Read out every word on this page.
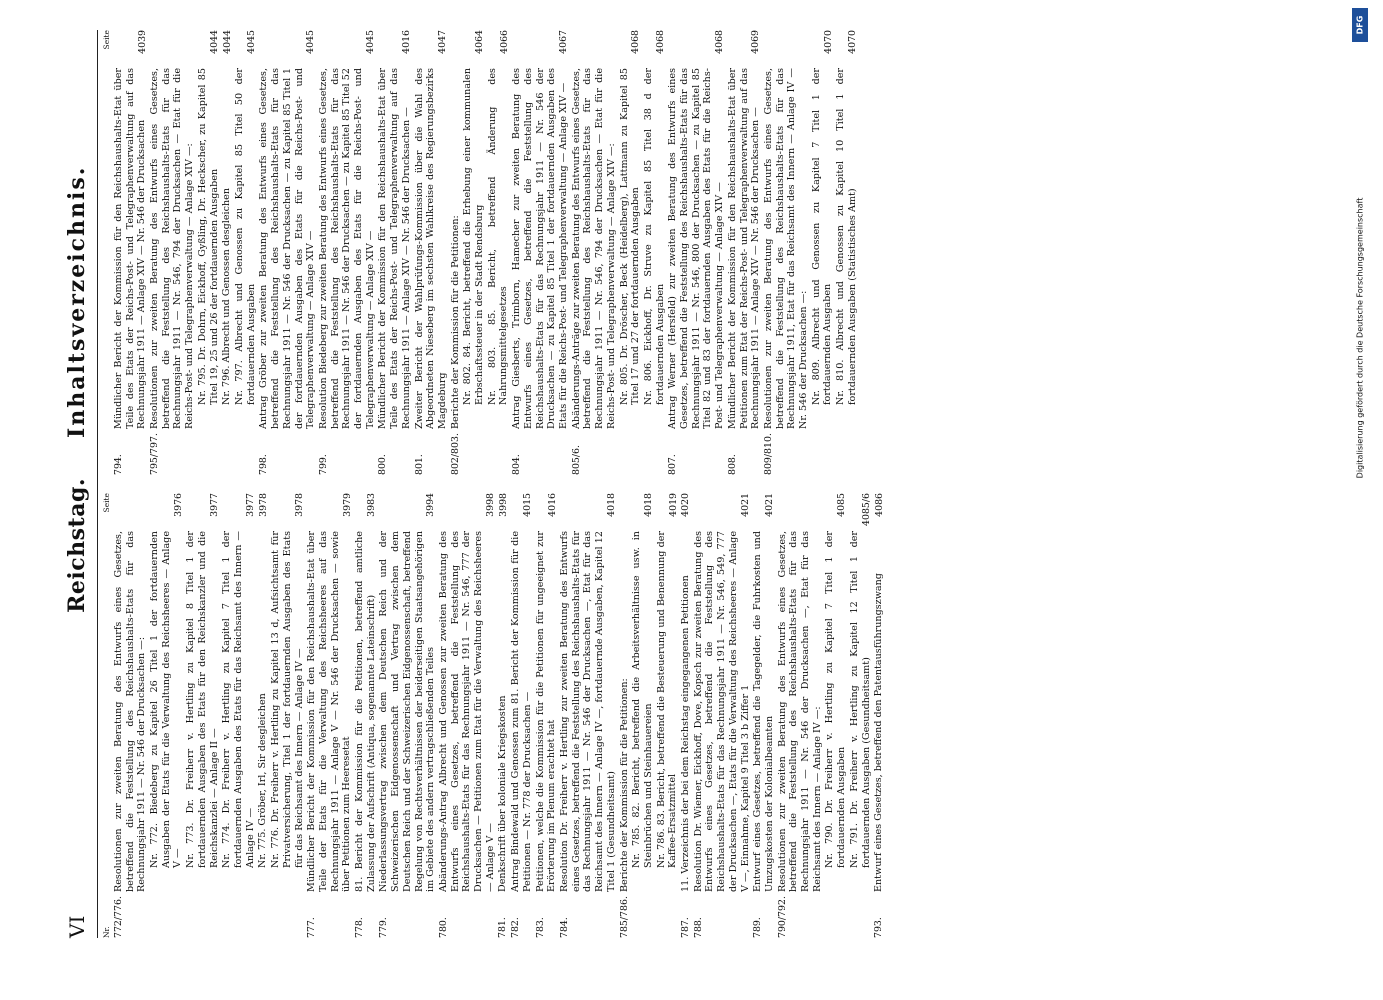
VI
Reichstag.
Inhaltsverzeichnis.
Nr.
Seite
772/776.
Resolutionen zur zweiten Beratung des Entwurfs eines Gesetzes, betreffend die Feststellung des Reichshaushalts-Etats für das Rechnungsjahr 1911 — Nr. 546 der Drucksachen —: Nr. 772. Biedeberg zu Kapitel 26 Titel 1 der fortdauernden Ausgaben der Etats für die Verwaltung des Reichsheeres — Anlage V —
3976
Nr. 773. Dr. Freiherr v. Hertling zu Kapitel 8 Titel 1 der fortdauernden Ausgaben des Etats für den Reichskanzler und die Reichskanzlei — Anlage II —
3977
Nr. 774. Dr. Freiherr v. Hertling zu Kapitel 7 Titel 1 der fortdauernden Ausgaben des Etats für das Reichsamt des Innern — Anlage IV —
3977
Nr. 775. Gröber, Irl, Sir desgleichen
3978
Nr. 776. Dr. Freiherr v. Hertling zu Kapitel 13 d, Aufsichtsamt für Privatversicherung, Titel 1 der fortdauernden Ausgaben des Etats für das Reichsamt des Innern — Anlage IV —
3978
777.
Mündlicher Bericht der Kommission für den Reichshaushalts-Etat über Teile der Etats für die Verwaltung des Reichsheeres auf das Rechnungsjahr 1911 — Anlage V — Nr. 546 der Drucksachen — sowie über Petitionen zum Heeresetat
3979
778.
81. Bericht der Kommission für die Petitionen, betreffend amtliche Zulassung der Aufschrift (Antiqua, sogenannte Lateinschrift)
3983
779.
Niederlassungsvertrag zwischen dem Deutschen Reich und der Schweizerischen Eidgenossenschaft und Vertrag zwischen dem Deutschen Reich und der Schweizerischen Eidgenossenschaft, betreffend Regelung von Rechtsverhältnissen der beiderseitigen Staatsangehörigen im Gebiete des andern vertragschließenden Teiles
3994
780.
Abänderungs-Antrag Albrecht und Genossen zur zweiten Beratung des Entwurfs eines Gesetzes, betreffend die Feststellung des Reichshaushalts-Etats für das Rechnungsjahr 1911 — Nr. 546, 777 der Drucksachen — Petitionen zum Etat für die Verwaltung des Reichsheeres — Anlage V —
3998
781.
Denkschrift über koloniale Kriegskosten
3998
782.
Antrag Bindewald und Genossen zum 81. Bericht der Kommission für die Petitionen — Nr. 778 der Drucksachen —
4015
783.
Petitionen, welche die Kommission für die Petitionen für ungeeignet zur Erörterung im Plenum erachtet hat
4016
784.
Resolution Dr. Freiherr v. Hertling zur zweiten Beratung des Entwurfs eines Gesetzes, betreffend die Feststellung des Reichshaushalts-Etats für das Rechnungsjahr 1911 — Nr. 546 der Drucksachen —, Etat für das Reichsamt des Innern — Anlage IV —, fortdauernde Ausgaben, Kapitel 12 Titel 1 (Gesundheitsamt)
4018
785/786.
Berichte der Kommission für die Petitionen: Nr. 785. 82. Bericht, betreffend die Arbeitsverhältnisse usw. in Steinbrüchen und Steinhauereien
4018
Nr. 786. 83. Bericht, betreffend die Besteuerung und Benennung der Kaffee-Ersatzmittel
4019
787.
11. Verzeichnis der bei dem Reichstag eingegangenen Petitionen
4020
788.
Resolution Dr. Wiemer, Eickhoff, Dove, Kopsch zur zweiten Beratung des Entwurfs eines Gesetzes, betreffend die Feststellung des Reichshaushalts-Etats für das Rechnungsjahr 1911 — Nr. 546, 549, 777 der Drucksachen —, Etats für die Verwaltung des Reichsheeres — Anlage V —, Einnahme, Kapitel 9 Titel 3 b Ziffer 1
4021
789.
Entwurf eines Gesetzes, betreffend die Tagegelder, die Fuhrkosten und Umzugskosten der Kolonialbeamten
4021
790/792.
Resolutionen zur zweiten Beratung des Entwurfs eines Gesetzes, betreffend die Feststellung des Reichshaushalts-Etats für das Rechnungsjahr 1911 — Nr. 546 der Drucksachen —, Etat für das Reichsamt des Innern — Anlage IV —: Nr. 790. Dr. Freiherr v. Hertling zu Kapitel 7 Titel 1 der fortdauernden Ausgaben
4085
Nr. 791. Dr. Freiherr v. Hertling zu Kapitel 12 Titel 1 der fortdauernden Ausgaben (Gesundheitsamt)
4085/6
793.
Entwurf eines Gesetzes, betreffend den Patentausführungszwang
4086
Seite
794.
Mündlicher Bericht der Kommission für den Reichshaushalts-Etat über Teile des Etats der Reichs-Post- und Telegraphenverwaltung auf das Rechnungsjahr 1911 — Anlage XIV — Nr. 546 der Drucksachen
4039
795/797.
Resolutionen zur zweiten Beratung des Entwurfs eines Gesetzes, betreffend die Feststellung des Reichshaushalts-Etats für das Rechnungsjahr 1911 — Nr. 546, 794 der Drucksachen — Etat für die Reichs-Post- und Telegraphenverwaltung — Anlage XIV —: Nr. 795. Dr. Dohrn, Eickhoff, Gyßling, Dr. Heckscher, zu Kapitel 85 Titel 19, 25 und 26 der fortdauernden Ausgaben
4044
Nr. 796. Albrecht und Genossen desgleichen
4044
Nr. 797. Albrecht und Genossen zu Kapitel 85 Titel 50 der fortdauernden Ausgaben
4045
798.
Antrag Gröber zur zweiten Beratung des Entwurfs eines Gesetzes, betreffend die Feststellung des Reichshaushalts-Etats für das Rechnungsjahr 1911 — Nr. 546 der Drucksachen — zu Kapitel 85 Titel 1 der fortdauernden Ausgaben des Etats für die Reichs-Post- und Telegraphenverwaltung — Anlage XIV —
4045
799.
Resolution Biedeberg zur zweiten Beratung des Entwurfs eines Gesetzes, betreffend die Feststellung des Reichshaushalts-Etats für das Rechnungsjahr 1911 — Nr. 546 der Drucksachen — zu Kapitel 85 Titel 52 der fortdauernden Ausgaben des Etats für die Reichs-Post- und Telegraphenverwaltung — Anlage XIV —
4045
800.
Mündlicher Bericht der Kommission für den Reichshaushalts-Etat über Teile des Etats der Reichs-Post- und Telegraphenverwaltung auf das Rechnungsjahr 1911 — Anlage XIV — Nr. 546 der Drucksachen —
4016
801.
Zweiter Bericht der Wahlprüfungs-Kommission über die Wahl des Abgeordneten Nieseberg im sechsten Wahlkreise des Regierungsbezirks Magdeburg
4047
802/803.
Berichte der Kommission für die Petitionen: Nr. 802. 84. Bericht, betreffend die Erhebung einer kommunalen Erbschaftssteuer in der Stadt Rendsburg
4064
Nr. 803. 85. Bericht, betreffend Änderung des Nahrungsmittelgesetzes
4066
804.
Antrag Giesberts, Trimborn, Hamecher zur zweiten Beratung des Entwurfs eines Gesetzes, betreffend die Feststellung des Reichshaushalts-Etats für das Rechnungsjahr 1911 — Nr. 546 der Drucksachen — zu Kapitel 85 Titel 1 der fortdauernden Ausgaben des Etats für die Reichs-Post- und Telegraphenverwaltung — Anlage XIV —
4067
805/6.
Abänderungs-Anträge zur zweiten Beratung des Entwurfs eines Gesetzes, betreffend die Feststellung des Reichshaushalts-Etats für das Rechnungsjahr 1911 — Nr. 546, 794 der Drucksachen — Etat für die Reichs-Post- und Telegraphenverwaltung — Anlage XIV —: Nr. 805. Dr. Dröscher, Beck (Heidelberg), Lattmann zu Kapitel 85 Titel 17 und 27 der fortdauernden Ausgaben
4068
Nr. 806. Eickhoff, Dr. Struve zu Kapitel 85 Titel 38 d der fortdauernden Ausgaben
4068
807.
Antrag Werner (Hersfeld) zur zweiten Beratung des Entwurfs eines Gesetzes, betreffend die Feststellung des Reichshaushalts-Etats für das Rechnungsjahr 1911 — Nr. 546, 800 der Drucksachen — zu Kapitel 85 Titel 82 und 83 der fortdauernden Ausgaben des Etats für die Reichs-Post- und Telegraphenverwaltung — Anlage XIV —
4068
808.
Mündlicher Bericht der Kommission für den Reichshaushalts-Etat über Petitionen zum Etat der Reichs-Post- und Telegraphenverwaltung auf das Rechnungsjahr 1911 — Anlage XIV — Nr. 546 der Drucksachen —
4069
809/810.
Resolutionen zur zweiten Beratung des Entwurfs eines Gesetzes, betreffend die Feststellung des Reichshaushalts-Etats für das Rechnungsjahr 1911, Etat für das Reichsamt des Innern — Anlage IV — Nr. 546 der Drucksachen —: Nr. 809. Albrecht und Genossen zu Kapitel 7 Titel 1 der fortdauernden Ausgaben
4070
Nr. 810. Albrecht und Genossen zu Kapitel 10 Titel 1 der fortdauernden Ausgaben (Statistisches Amt)
4070
DFG
Digitalisierung gefördert durch die Deutsche Forschungsgemeinschaft
